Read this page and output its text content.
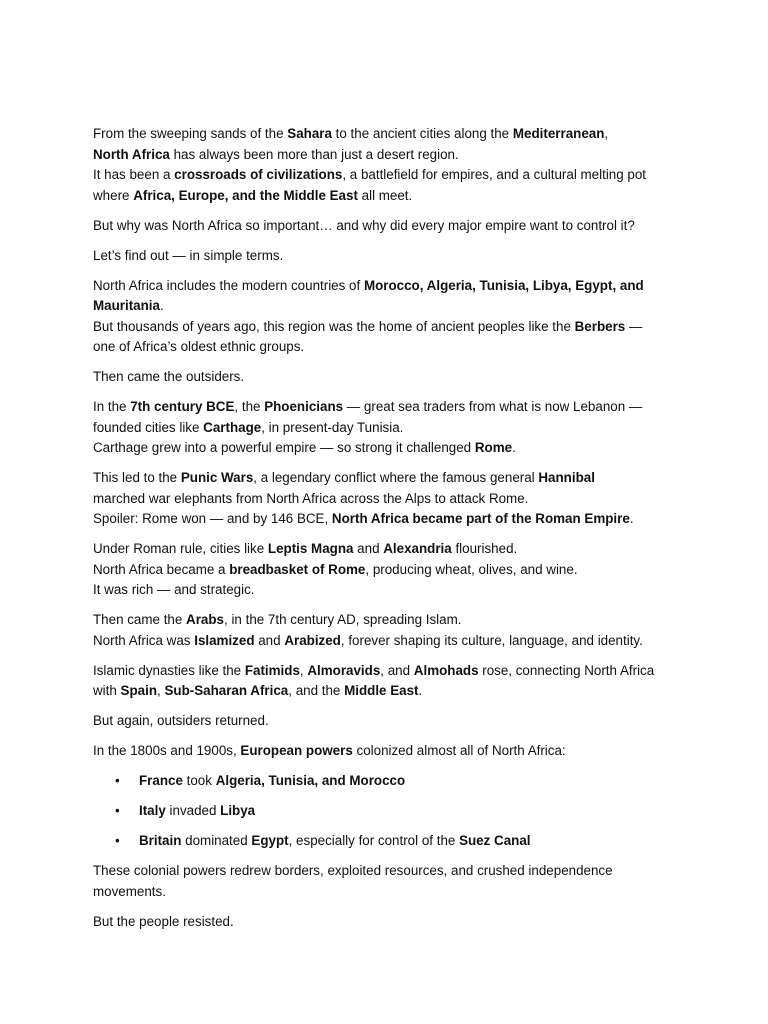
From the sweeping sands of the Sahara to the ancient cities along the Mediterranean,
North Africa has always been more than just a desert region.
It has been a crossroads of civilizations, a battlefield for empires, and a cultural melting pot
where Africa, Europe, and the Middle East all meet.
But why was North Africa so important… and why did every major empire want to control it?
Let’s find out — in simple terms.
North Africa includes the modern countries of Morocco, Algeria, Tunisia, Libya, Egypt, and
Mauritania.
But thousands of years ago, this region was the home of ancient peoples like the Berbers —
one of Africa’s oldest ethnic groups.
Then came the outsiders.
In the 7th century BCE, the Phoenicians — great sea traders from what is now Lebanon —
founded cities like Carthage, in present-day Tunisia.
Carthage grew into a powerful empire — so strong it challenged Rome.
This led to the Punic Wars, a legendary conflict where the famous general Hannibal
marched war elephants from North Africa across the Alps to attack Rome.
Spoiler: Rome won — and by 146 BCE, North Africa became part of the Roman Empire.
Under Roman rule, cities like Leptis Magna and Alexandria flourished.
North Africa became a breadbasket of Rome, producing wheat, olives, and wine.
It was rich — and strategic.
Then came the Arabs, in the 7th century AD, spreading Islam.
North Africa was Islamized and Arabized, forever shaping its culture, language, and identity.
Islamic dynasties like the Fatimids, Almoravids, and Almohads rose, connecting North Africa
with Spain, Sub-Saharan Africa, and the Middle East.
But again, outsiders returned.
In the 1800s and 1900s, European powers colonized almost all of North Africa:
• France took Algeria, Tunisia, and Morocco
• Italy invaded Libya
• Britain dominated Egypt, especially for control of the Suez Canal
These colonial powers redrew borders, exploited resources, and crushed independence
movements.
But the people resisted.
